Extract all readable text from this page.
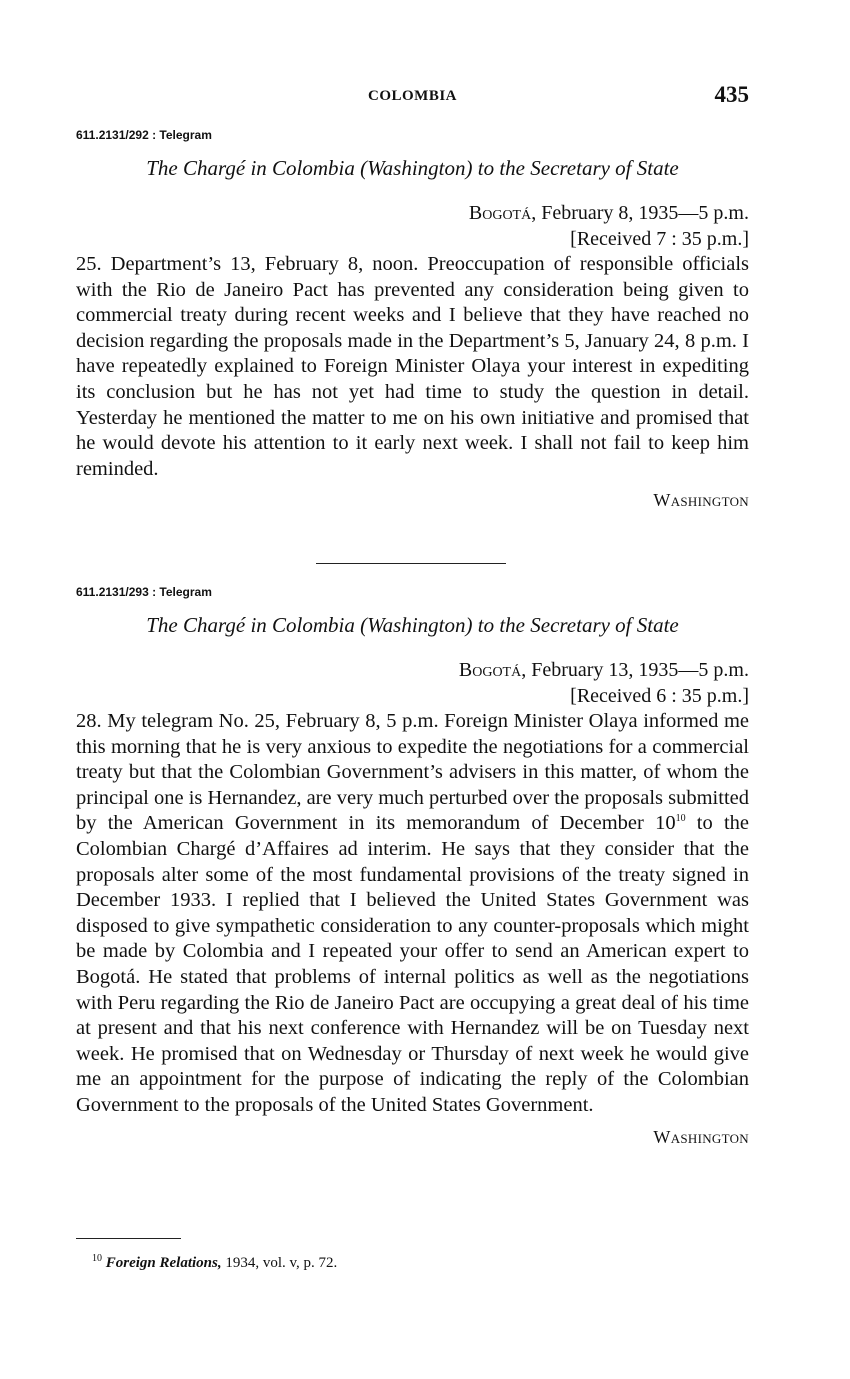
COLOMBIA	435
611.2131/292 : Telegram
The Chargé in Colombia (Washington) to the Secretary of State
Bogotá, February 8, 1935—5 p.m.
[Received 7 : 35 p.m.]
25. Department’s 13, February 8, noon. Preoccupation of responsible officials with the Rio de Janeiro Pact has prevented any consideration being given to commercial treaty during recent weeks and I believe that they have reached no decision regarding the proposals made in the Department’s 5, January 24, 8 p.m. I have repeatedly explained to Foreign Minister Olaya your interest in expediting its conclusion but he has not yet had time to study the question in detail. Yesterday he mentioned the matter to me on his own initiative and promised that he would devote his attention to it early next week. I shall not fail to keep him reminded.
Washington
611.2131/293 : Telegram
The Chargé in Colombia (Washington) to the Secretary of State
Bogotá, February 13, 1935—5 p.m.
[Received 6 : 35 p.m.]
28. My telegram No. 25, February 8, 5 p.m. Foreign Minister Olaya informed me this morning that he is very anxious to expedite the negotiations for a commercial treaty but that the Colombian Government’s advisers in this matter, of whom the principal one is Hernandez, are very much perturbed over the proposals submitted by the American Government in its memorandum of December $10^{10}$ to the Colombian Chargé d’Affaires ad interim. He says that they consider that the proposals alter some of the most fundamental provisions of the treaty signed in December 1933. I replied that I believed the United States Government was disposed to give sympathetic consideration to any counter-proposals which might be made by Colombia and I repeated your offer to send an American expert to Bogotá. He stated that problems of internal politics as well as the negotiations with Peru regarding the Rio de Janeiro Pact are occupying a great deal of his time at present and that his next conference with Hernandez will be on Tuesday next week. He promised that on Wednesday or Thursday of next week he would give me an appointment for the purpose of indicating the reply of the Colombian Government to the proposals of the United States Government.
Washington
$^{10}$ Foreign Relations, 1934, vol. v, p. 72.
